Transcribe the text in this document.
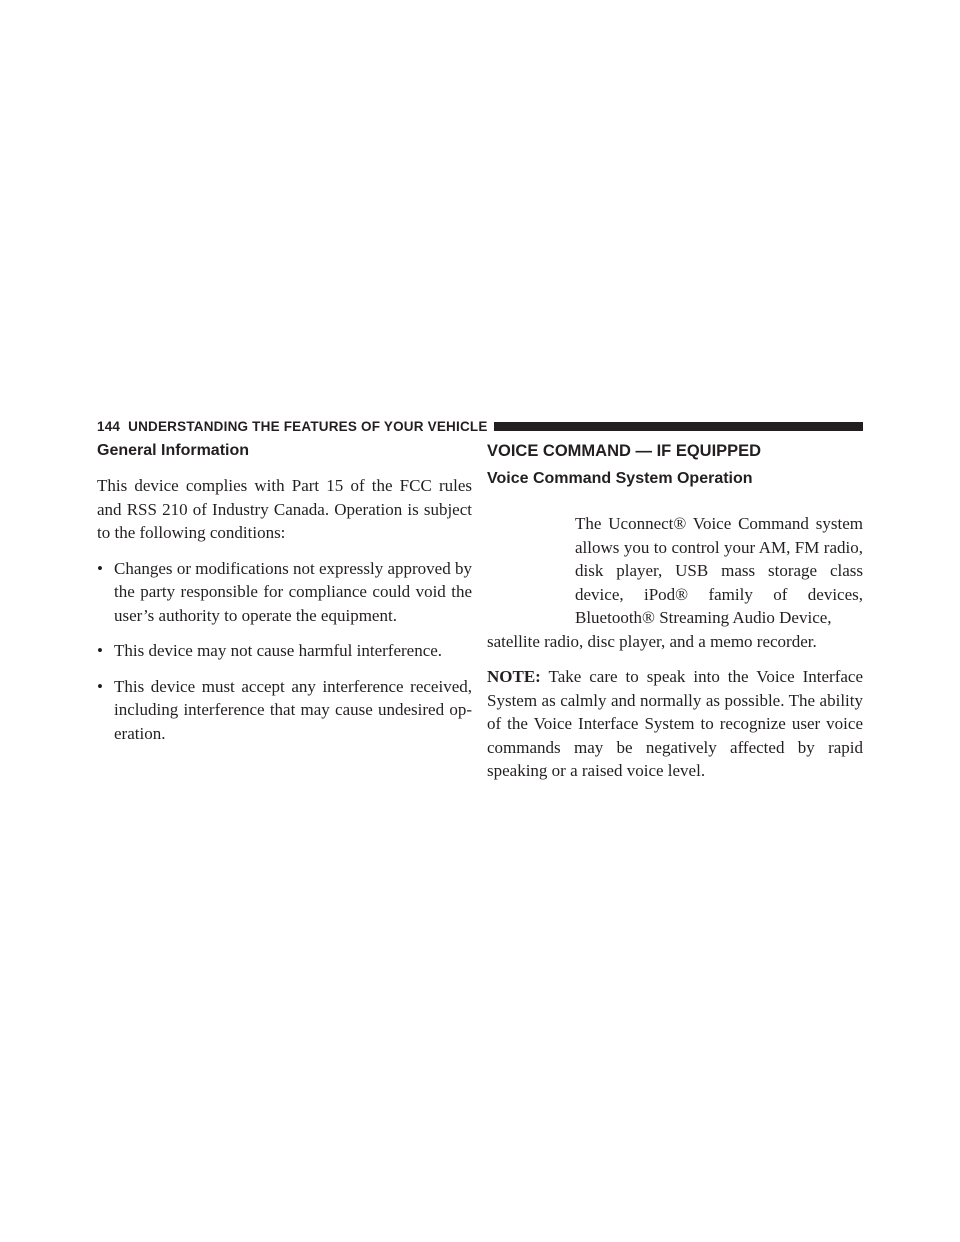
144 UNDERSTANDING THE FEATURES OF YOUR VEHICLE
General Information

This device complies with Part 15 of the FCC rules and RSS 210 of Industry Canada. Operation is subject to the following conditions:

• Changes or modifications not expressly approved by the party responsible for compliance could void the user’s authority to operate the equipment.
• This device may not cause harmful interference.
• This device must accept any interference received, including interference that may cause undesired op-eration.
VOICE COMMAND — IF EQUIPPED
Voice Command System Operation
The Uconnect® Voice Command system allows you to control your AM, FM radio, disk player, USB mass storage class device, iPod® family of devices, Bluetooth® Streaming Audio Device,
satellite radio, disc player, and a memo recorder.

NOTE: Take care to speak into the Voice Interface System as calmly and normally as possible. The ability of the Voice Interface System to recognize user voice commands may be negatively affected by rapid speaking or a raised voice level.
